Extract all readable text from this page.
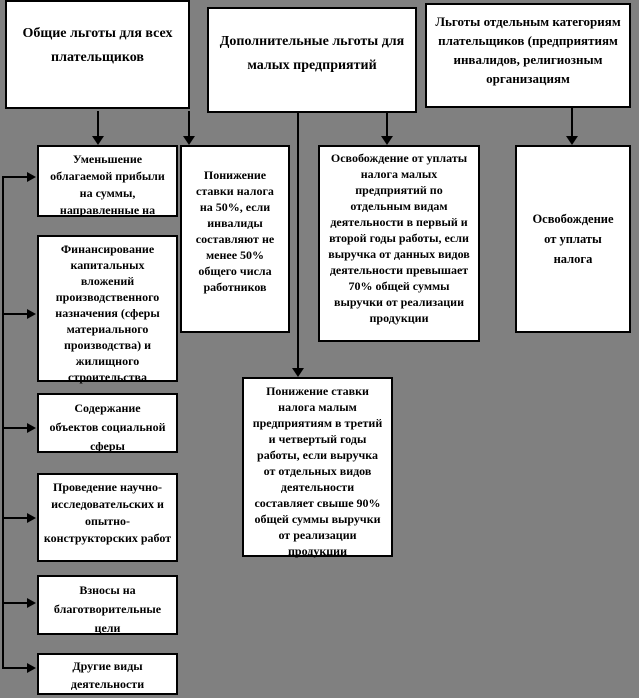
Общие льготы для всех плательщиков
Дополнительные льготы для малых предприятий
Льготы отдельным категориям плательщиков (предприятиям инвалидов, религиозным организациям
Уменьшение облагаемой прибыли на суммы, направленные на
Финансирование капитальных вложений производственного назначения (сферы материального производства) и жилищного строительства
Содержание объектов социальной сферы
Проведение научно-исследовательских и опытно-конструкторских работ
Взносы на благотворительные цели
Другие виды деятельности
Понижение ставки налога на 50%, если инвалиды составляют не менее 50% общего числа работников
Освобождение от уплаты налога малых предприятий по отдельным видам деятельности в первый и второй годы работы, если выручка от данных видов деятельности превышает 70% общей суммы выручки от реализации продукции
Понижение ставки налога малым предприятиям в третий и четвертый годы работы, если выручка от отдельных видов деятельности составляет свыше 90% общей суммы выручки от реализации продукции
Освобождение от уплаты налога
